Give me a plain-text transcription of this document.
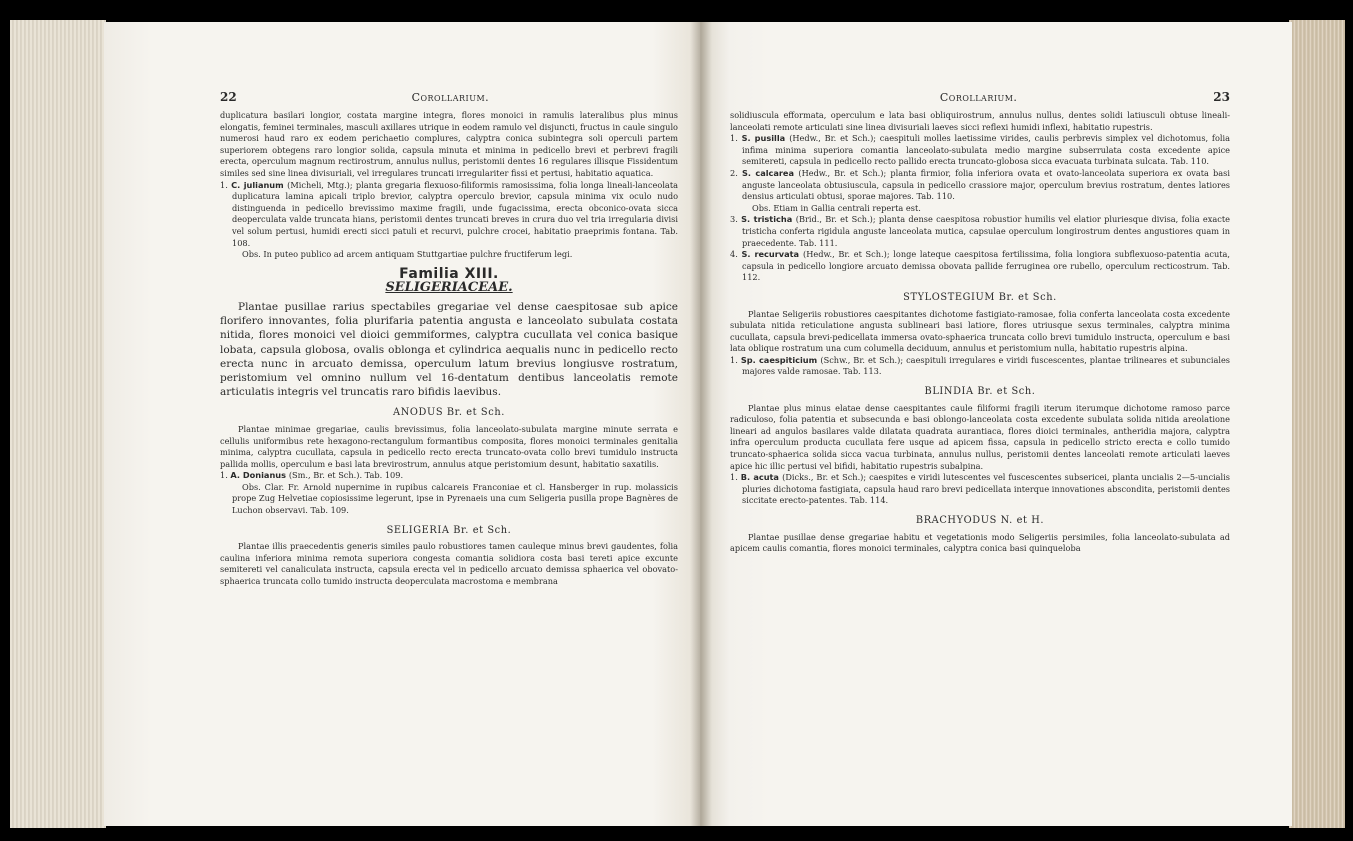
22	Corollarium.

duplicatura basilari longior, costata margine integra, flores monoici in ramulis lateralibus plus minus elongatis, feminei terminales, masculi axillares utrique in eodem ramulo vel disjuncti, fructus in caule singulo numerosi haud raro ex eodem perichaetio complures, calyptra conica subintegra soli operculi partem superiorem obtegens raro longior solida, capsula minuta et minima in pedicello brevi et perbrevi fragili erecta, operculum magnum rectirostrum, annulus nullus, peristomii dentes 16 regulares illisque Fissidentum similes sed sine linea divisuriali, vel irregulares truncati irregulariter fissi et pertusi, habitatio aquatica.

1. C. julianum (Micheli, Mtg.); planta gregaria flexuoso-filiformis ramosissima, folia longa lineali-lanceolata duplicatura lamina apicali triplo brevior, calyptra operculo brevior, capsula minima vix oculo nudo distinguenda in pedicello brevissimo maxime fragili, unde fugacissima, erecta obconico-ovata sicca deoperculata valde truncata hians, peristomii dentes truncati breves in crura duo vel tria irregularia divisi vel solum pertusi, humidi erecti sicci patuli et recurvi, pulchre crocei, habitatio praeprimis fontana. Tab. 108.

Obs. In puteo publico ad arcem antiquam Stuttgartiae pulchre fructiferum legi.

Familia XIII.

SELIGERIACEAE.

Plantae pusillae rarius spectabiles gregariae vel dense caespitosae sub apice florifero innovantes, folia plurifaria patentia angusta e lanceolato subulata costata nitida, flores monoici vel dioici gemmiformes, calyptra cucullata vel conica basique lobata, capsula globosa, ovalis oblonga et cylindrica aequalis nunc in pedicello recto erecta nunc in arcuato demissa, operculum latum brevius longiusve rostratum, peristomium vel omnino nullum vel 16-dentatum dentibus lanceolatis remote articulatis integris vel truncatis raro bifidis laevibus.

ANODUS Br. et Sch.

Plantae minimae gregariae, caulis brevissimus, folia lanceolato-subulata margine minute serrata e cellulis uniformibus rete hexagono-rectangulum formantibus composita, flores monoici terminales genitalia minima, calyptra cucullata, capsula in pedicello recto erecta truncato-ovata collo brevi tumidulo instructa pallida mollis, operculum e basi lata brevirostrum, annulus atque peristomium desunt, habitatio saxatilis.

1. A. Donianus (Sm., Br. et Sch.). Tab. 109.

Obs. Clar. Fr. Arnold nupernime in rupibus calcareis Franconiae et cl. Hansberger in rup. molassicis prope Zug Helvetiae copiosissime legerunt, ipse in Pyrenaeis una cum Seligeria pusilla prope Bagnères de Luchon observavi. Tab. 109.

SELIGERIA Br. et Sch.

Plantae illis praecedentis generis similes paulo robustiores tamen cauleque minus brevi gaudentes, folia caulina inferiora minima remota superiora congesta comantia solidiora costa basi tereti apice excunte semitereti vel canaliculata instructa, capsula erecta vel in pedicello arcuato demissa sphaerica vel obovato-sphaerica truncata collo tumido instructa deoperculata macrostoma e membrana

Corollarium.	23

solidiuscula efformata, operculum e lata basi obliquirostrum, annulus nullus, dentes solidi latiusculi obtuse lineali-lanceolati remote articulati sine linea divisuriali laeves sicci reflexi humidi inflexi, habitatio rupestris.

1. S. pusilla (Hedw., Br. et Sch.); caespituli molles laetissime virides, caulis perbrevis simplex vel dichotomus, folia infima minima superiora comantia lanceolato-subulata medio margine subserrulata costa excedente apice semitereti, capsula in pedicello recto pallido erecta truncato-globosa sicca evacuata turbinata sulcata. Tab. 110.

2. S. calcarea (Hedw., Br. et Sch.); planta firmior, folia inferiora ovata et ovato-lanceolata superiora ex ovata basi anguste lanceolata obtusiuscula, capsula in pedicello crassiore major, operculum brevius rostratum, dentes latiores densius articulati obtusi, sporae majores. Tab. 110.

Obs. Etiam in Gallia centrali reperta est.

3. S. tristicha (Brid., Br. et Sch.); planta dense caespitosa robustior humilis vel elatior pluriesque divisa, folia exacte tristicha conferta rigidula anguste lanceolata mutica, capsulae operculum longirostrum dentes angustiores quam in praecedente. Tab. 111.

4. S. recurvata (Hedw., Br. et Sch.); longe lateque caespitosa fertilissima, folia longiora subflexuoso-patentia acuta, capsula in pedicello longiore arcuato demissa obovata pallide ferruginea ore rubello, operculum recticostrum. Tab. 112.

STYLOSTEGIUM Br. et Sch.

Plantae Seligeriis robustiores caespitantes dichotome fastigiato-ramosae, folia conferta lanceolata costa excedente subulata nitida reticulatione angusta sublineari basi latiore, flores utriusque sexus terminales, calyptra minima cucullata, capsula brevi-pedicellata immersa ovato-sphaerica truncata collo brevi tumidulo instructa, operculum e basi lata oblique rostratum una cum columella deciduum, annulus et peristomium nulla, habitatio rupestris alpina.

1. Sp. caespiticium (Schw., Br. et Sch.); caespituli irregulares e viridi fuscescentes, plantae trilineares et subunciales majores valde ramosae. Tab. 113.

BLINDIA Br. et Sch.

Plantae plus minus elatae dense caespitantes caule filiformi fragili iterum iterumque dichotome ramoso parce radiculoso, folia patentia et subsecunda e basi oblongo-lanceolata costa excedente subulata solida nitida areolatione lineari ad angulos basilares valde dilatata quadrata aurantiaca, flores dioici terminales, antheridia majora, calyptra infra operculum producta cucullata fere usque ad apicem fissa, capsula in pedicello stricto erecta e collo tumido truncato-sphaerica solida sicca vacua turbinata, annulus nullus, peristomii dentes lanceolati remote articulati laeves apice hic illic pertusi vel bifidi, habitatio rupestris subalpina.

1. B. acuta (Dicks., Br. et Sch.); caespites e viridi lutescentes vel fuscescentes subsericei, planta uncialis 2—5-uncialis pluries dichotoma fastigiata, capsula haud raro brevi pedicellata interque innovationes abscondita, peristomii dentes siccitate erecto-patentes. Tab. 114.

BRACHYODUS N. et H.

Plantae pusillae dense gregariae habitu et vegetationis modo Seligeriis persimiles, folia lanceolato-subulata ad apicem caulis comantia, flores monoici terminales, calyptra conica basi quinqueloba
